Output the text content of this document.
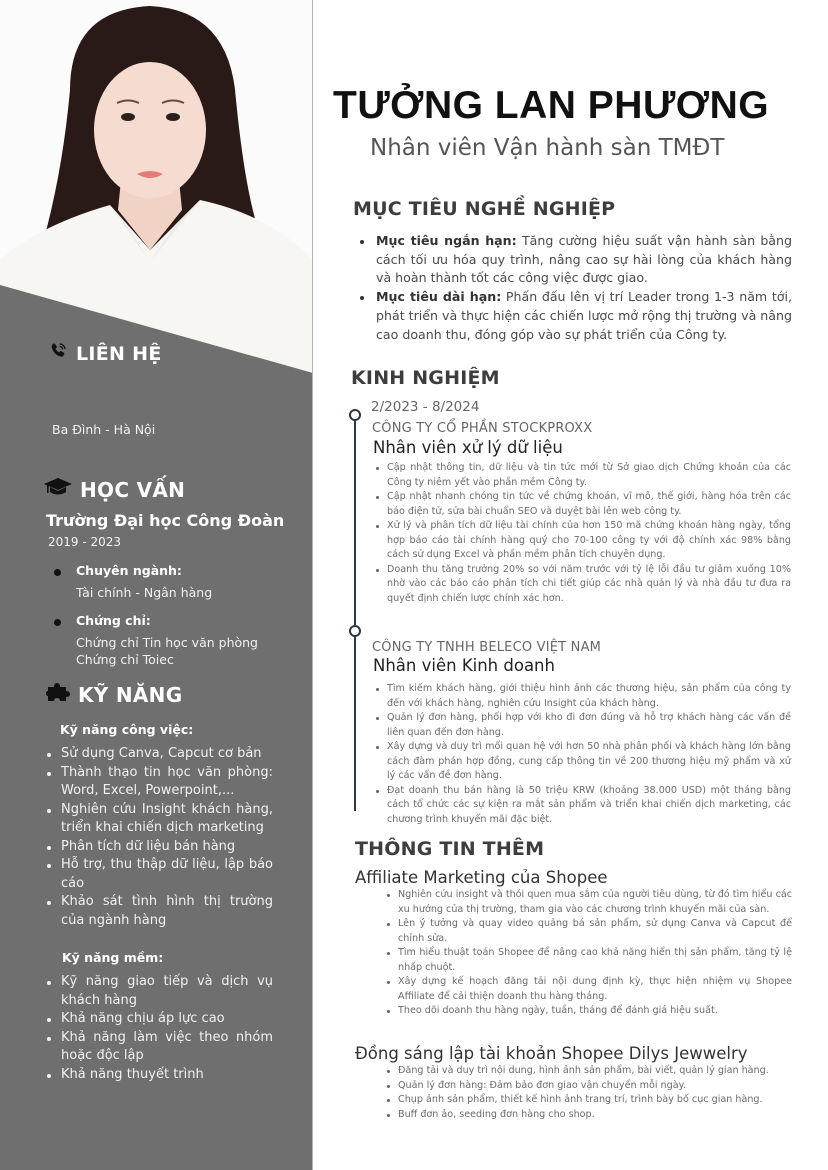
LIÊN HỆ
Ba Đình - Hà Nội
HỌC VẤN
Trường Đại học Công Đoàn
2019 - 2023
Chuyên ngành:
Tài chính - Ngân hàng
Chứng chỉ:
Chứng chỉ Tin học văn phòng
Chứng chỉ Toiec
KỸ NĂNG
Kỹ năng công việc:
Sử dụng Canva, Capcut cơ bản
Thành thạo tin học văn phòng: Word, Excel, Powerpoint,...
Nghiên cứu Insight khách hàng, triển khai chiến dịch marketing
Phân tích dữ liệu bán hàng
Hỗ trợ, thu thập dữ liệu, lập báo cáo
Khảo sát tình hình thị trường của ngành hàng
Kỹ năng mềm:
Kỹ năng giao tiếp và dịch vụ khách hàng
Khả năng chịu áp lực cao
Khả năng làm việc theo nhóm hoặc độc lập
Khả năng thuyết trình
TƯỞNG LAN PHƯƠNG
Nhân viên Vận hành sàn TMĐT
MỤC TIÊU NGHỀ NGHIỆP
Mục tiêu ngắn hạn: Tăng cường hiệu suất vận hành sàn bằng cách tối ưu hóa quy trình, nâng cao sự hài lòng của khách hàng và hoàn thành tốt các công việc được giao.
Mục tiêu dài hạn: Phấn đấu lên vị trí Leader trong 1-3 năm tới, phát triển và thực hiện các chiến lược mở rộng thị trường và nâng cao doanh thu, đóng góp vào sự phát triển của Công ty.
KINH NGHIỆM
2/2023 - 8/2024
CÔNG TY CỔ PHẦN STOCKPROXX
Nhân viên xử lý dữ liệu
Cập nhật thông tin, dữ liệu và tin tức mới từ Sở giao dịch Chứng khoán của các Công ty niêm yết vào phần mềm Công ty.
Cập nhật nhanh chóng tin tức về chứng khoán, vĩ mô, thế giới, hàng hóa trên các báo điện tử, sửa bài chuẩn SEO và duyệt bài lên web công ty.
Xử lý và phân tích dữ liệu tài chính của hơn 150 mã chứng khoán hàng ngày, tổng hợp báo cáo tài chính hàng quý cho 70-100 công ty với độ chính xác 98% bằng cách sử dụng Excel và phần mềm phân tích chuyên dụng.
Doanh thu tăng trưởng 20% so với năm trước với tỷ lệ lỗi đầu tư giảm xuống 10% nhờ vào các báo cáo phân tích chi tiết giúp các nhà quản lý và nhà đầu tư đưa ra quyết định chiến lược chính xác hơn.
CÔNG TY TNHH BELECO VIỆT NAM
Nhân viên Kinh doanh
Tìm kiếm khách hàng, giới thiệu hình ảnh các thương hiệu, sản phẩm của công ty đến với khách hàng, nghiên cứu Insight của khách hàng.
Quản lý đơn hàng, phối hợp với kho đi đơn đúng và hỗ trợ khách hàng các vấn đề liên quan đến đơn hàng.
Xây dựng và duy trì mối quan hệ với hơn 50 nhà phân phối và khách hàng lớn bằng cách đàm phán hợp đồng, cung cấp thông tin về 200 thương hiệu mỹ phẩm và xử lý các vấn đề đơn hàng.
Đạt doanh thu bán hàng là 50 triệu KRW (khoảng 38.000 USD) một tháng bằng cách tổ chức các sự kiện ra mắt sản phẩm và triển khai chiến dịch marketing, các chương trình khuyến mãi đặc biệt.
THÔNG TIN THÊM
Affiliate Marketing của Shopee
Nghiên cứu insight và thói quen mua sắm của người tiêu dùng, từ đó tìm hiểu các xu hướng của thị trường, tham gia vào các chương trình khuyến mãi của sàn.
Lên ý tưởng và quay video quảng bá sản phẩm, sử dụng Canva và Capcut để chỉnh sửa.
Tìm hiểu thuật toán Shopee để nâng cao khả năng hiển thị sản phẩm, tăng tỷ lệ nhấp chuột.
Xây dựng kế hoạch đăng tải nội dung định kỳ, thực hiện nhiệm vụ Shopee Affiliate để cải thiện doanh thu hàng tháng.
Theo dõi doanh thu hàng ngày, tuần, tháng để đánh giá hiệu suất.
Đồng sáng lập tài khoản Shopee Dilys Jewwelry
Đăng tải và duy trì nội dung, hình ảnh sản phẩm, bài viết, quản lý gian hàng.
Quản lý đơn hàng: Đảm bảo đơn giao vận chuyển mỗi ngày.
Chụp ảnh sản phẩm, thiết kế hình ảnh trang trí, trình bày bố cục gian hàng.
Buff đơn ảo, seeding đơn hàng cho shop.
